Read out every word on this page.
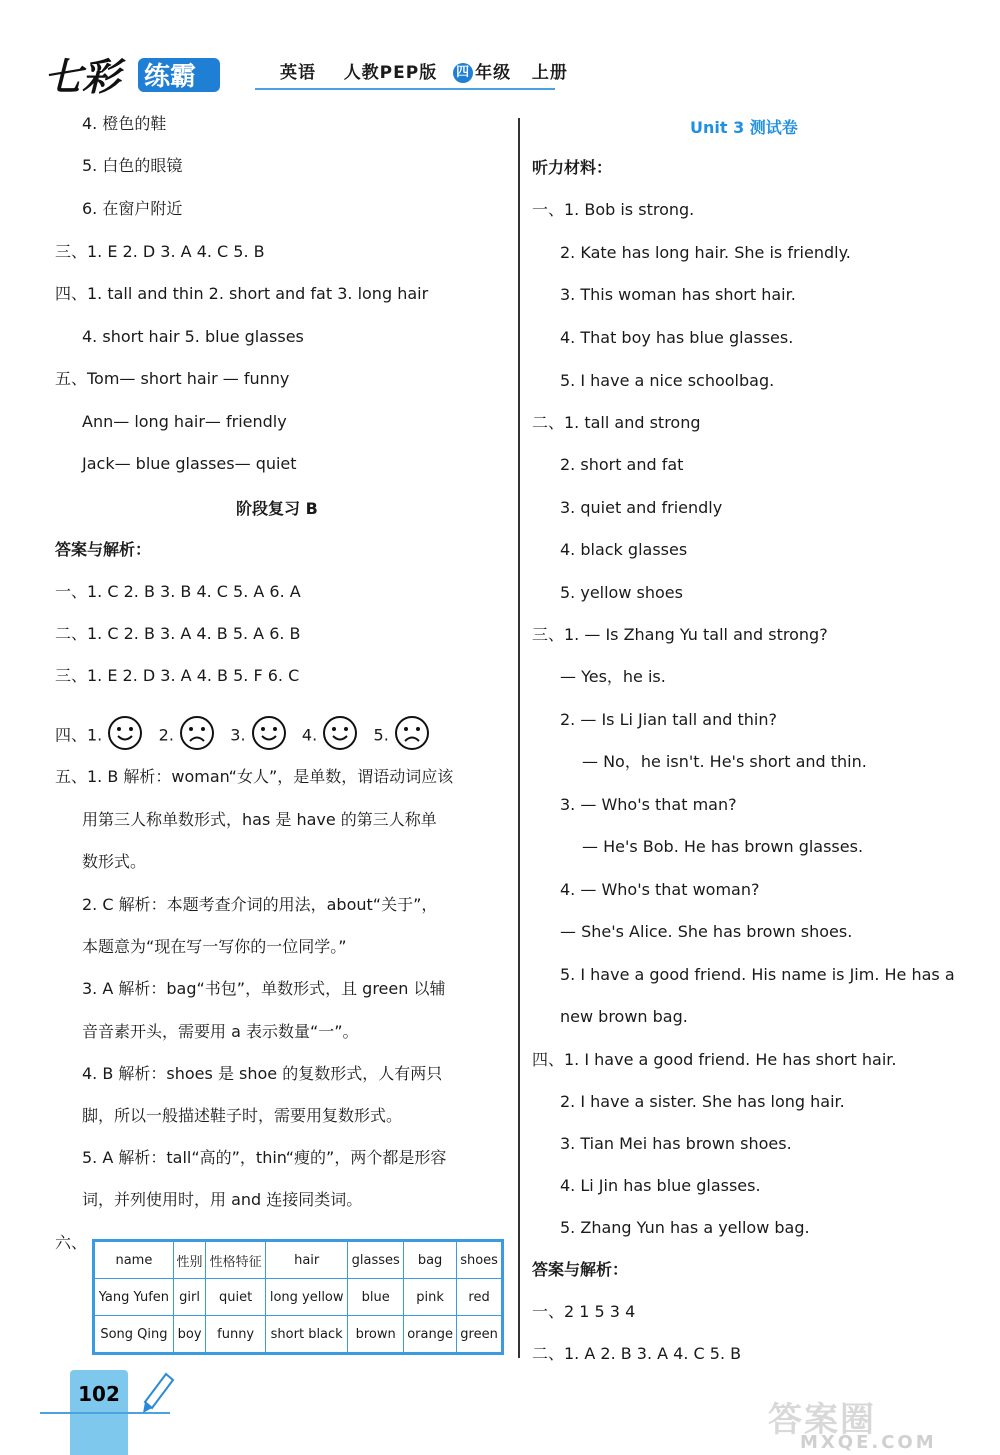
七彩 练霸	英语 人教PEP版 四 年级 上册
4. 橙色的鞋
5. 白色的眼镜
6. 在窗户附近
三、1. E 2. D 3. A 4. C 5. B
四、1. tall and thin 2. short and fat 3. long hair
4. short hair 5. blue glasses
五、Tom— short hair — funny
Ann— long hair— friendly
Jack— blue glasses— quiet
阶段复习 B
答案与解析：
一、1. C 2. B 3. B 4. C 5. A 6. A
二、1. C 2. B 3. A 4. B 5. A 6. B
三、1. E 2. D 3. A 4. B 5. F 6. C
四、1.	2.	3.	4.	5.
五、1. B 解析：woman“女人”，是单数，谓语动词应该
用第三人称单数形式，has 是 have 的第三人称单
数形式。
2. C 解析：本题考查介词的用法，about“关于”，
本题意为“现在写一写你的一位同学。”
3. A 解析：bag“书包”，单数形式，且 green 以辅
音音素开头，需要用 a 表示数量“一”。
4. B 解析：shoes 是 shoe 的复数形式，人有两只
脚，所以一般描述鞋子时，需要用复数形式。
5. A 解析：tall“高的”，thin“瘦的”，两个都是形容
词，并列使用时，用 and 连接同类词。
六、
name	性别	性格特征	hair	glasses	bag	shoes
Yang Yufen	girl	quiet	long yellow	blue	pink	red
Song Qing	boy	funny	short black	brown	orange	green
Unit 3 测试卷
听力材料：
一、1. Bob is strong.
2. Kate has long hair. She is friendly.
3. This woman has short hair.
4. That boy has blue glasses.
5. I have a nice schoolbag.
二、1. tall and strong
2. short and fat
3. quiet and friendly
4. black glasses
5. yellow shoes
三、1. — Is Zhang Yu tall and strong?
— Yes，he is.
2. — Is Li Jian tall and thin?
— No，he isn't. He's short and thin.
3. — Who's that man?
— He's Bob. He has brown glasses.
4. — Who's that woman?
— She's Alice. She has brown shoes.
5. I have a good friend. His name is Jim. He has a
new brown bag.
四、1. I have a good friend. He has short hair.
2. I have a sister. She has long hair.
3. Tian Mei has brown shoes.
4. Li Jin has blue glasses.
5. Zhang Yun has a yellow bag.
答案与解析：
一、2 1 5 3 4
二、1. A 2. B 3. A 4. C 5. B
102
答案圈
MXQE.COM
